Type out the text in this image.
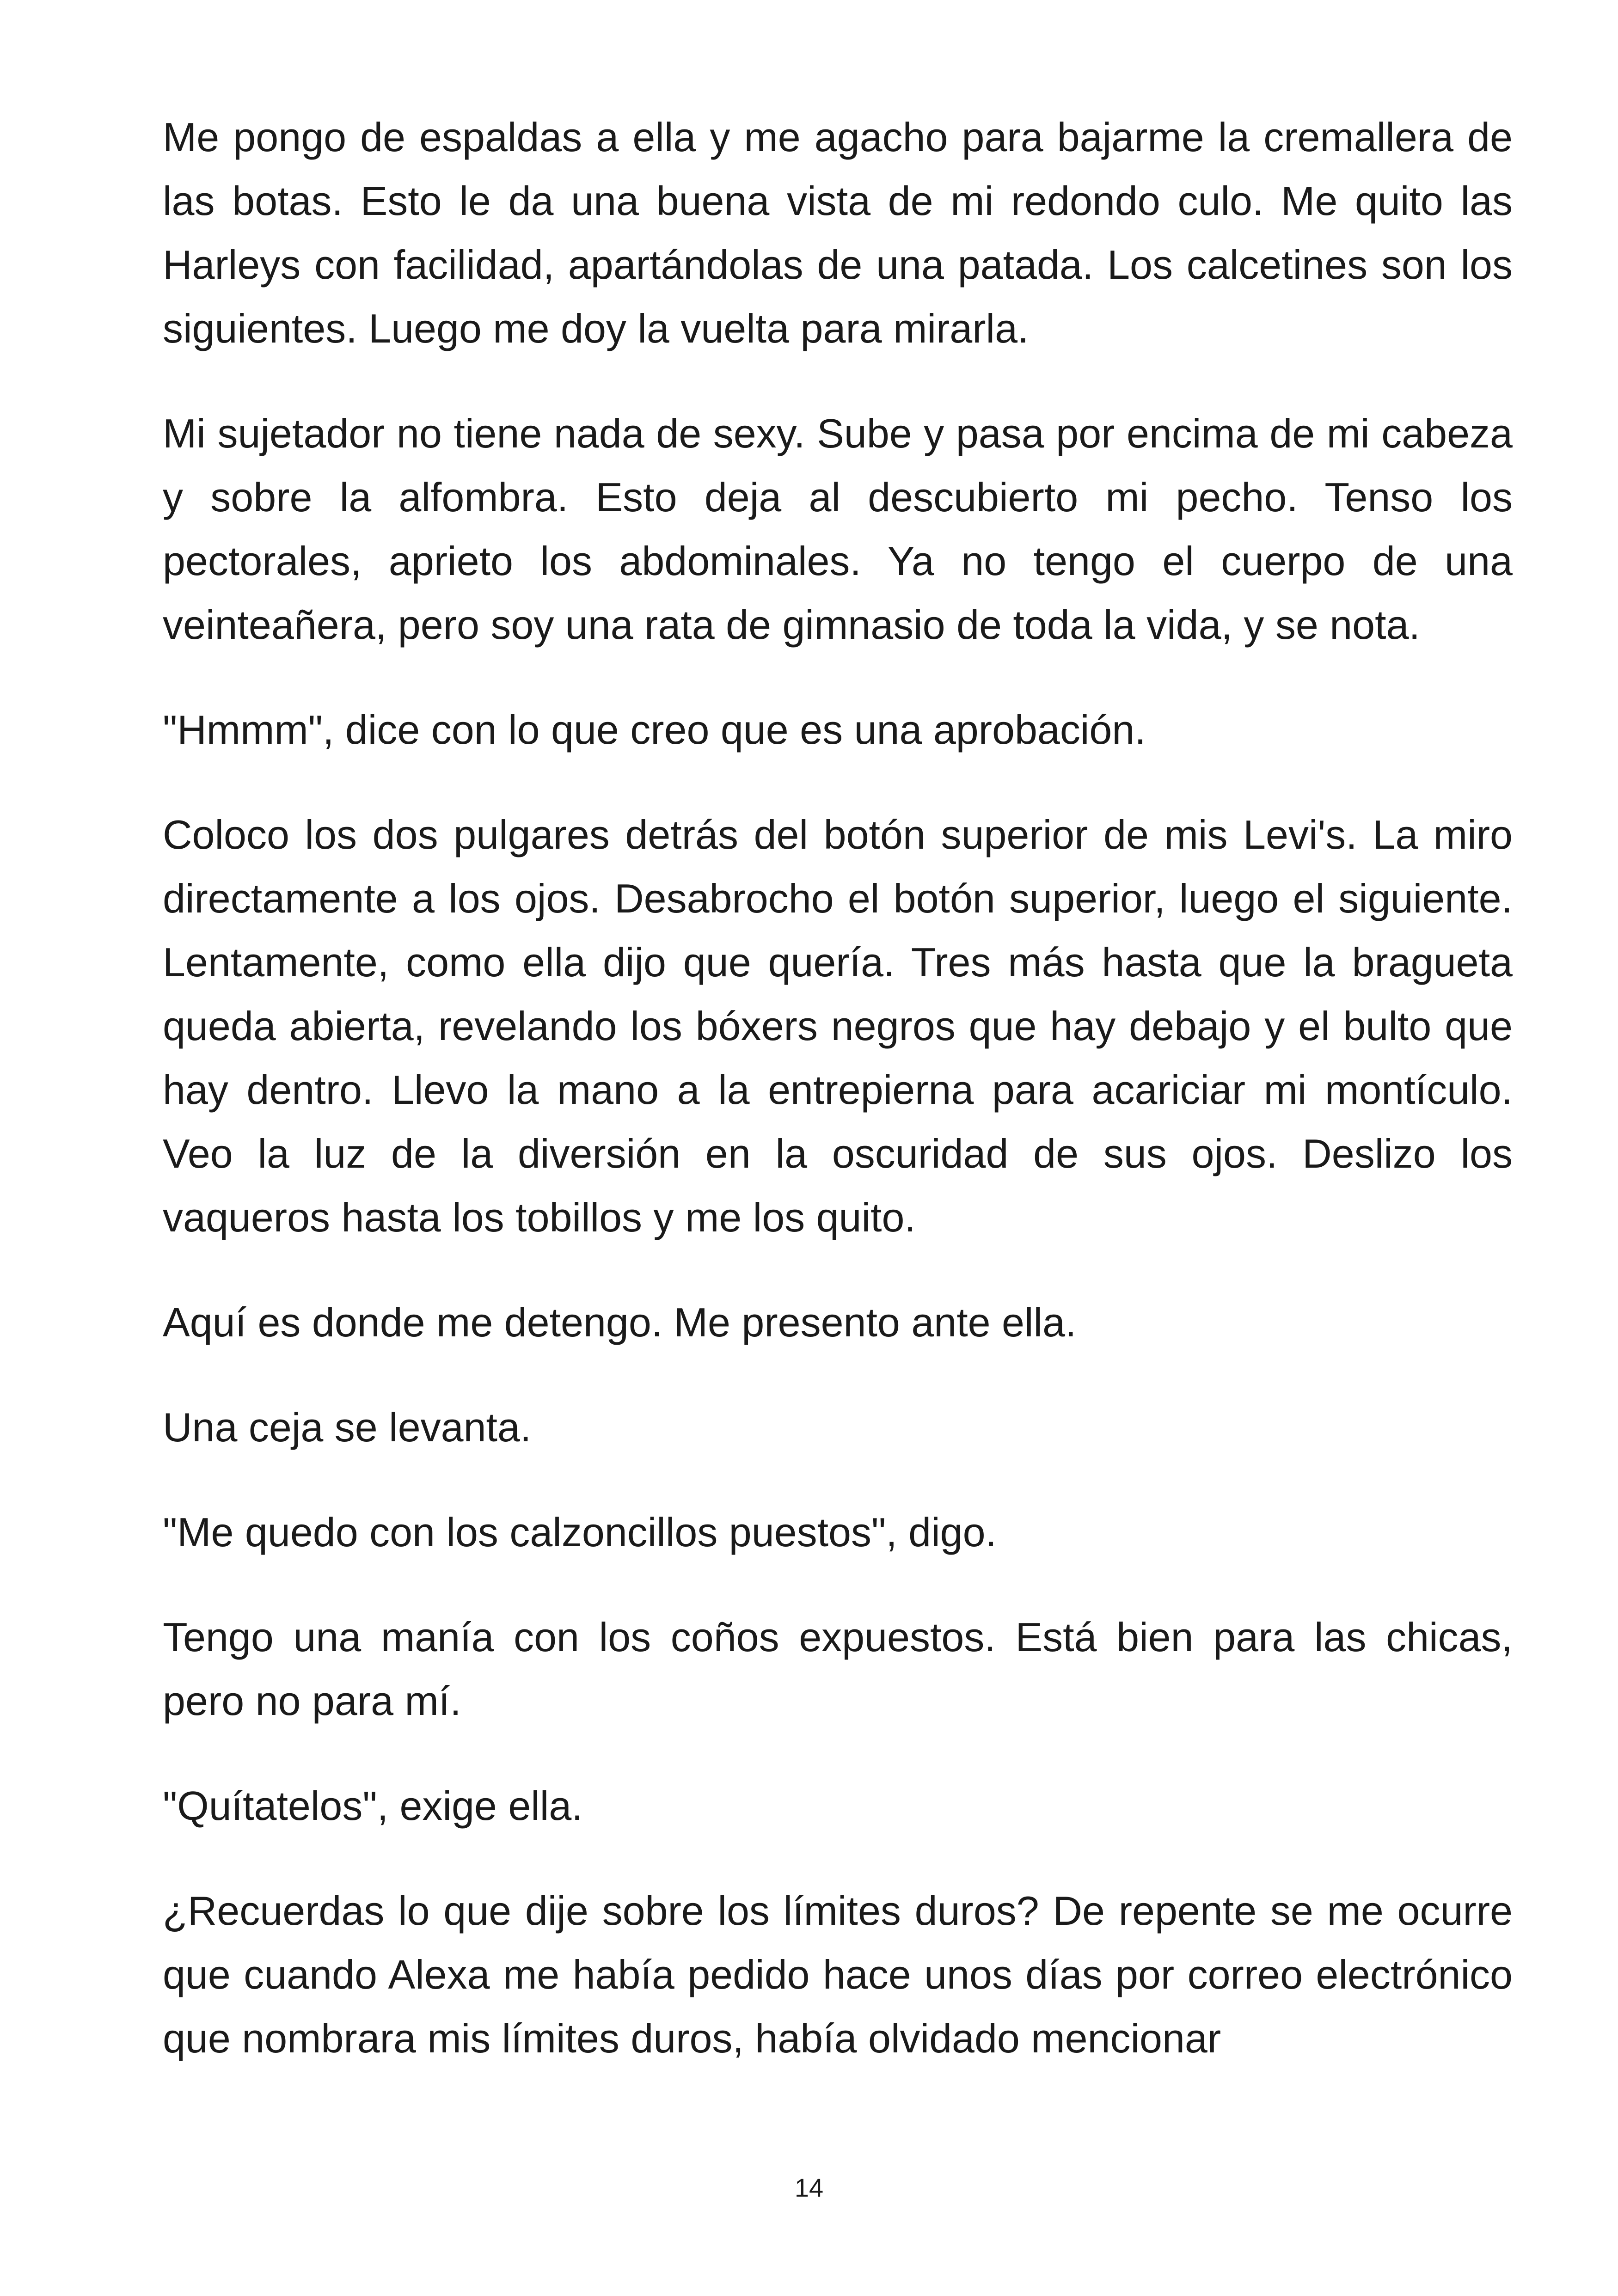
Me pongo de espaldas a ella y me agacho para bajarme la cremallera de las botas. Esto le da una buena vista de mi redondo culo. Me quito las Harleys con facilidad, apartándolas de una patada. Los calcetines son los siguientes. Luego me doy la vuelta para mirarla.

Mi sujetador no tiene nada de sexy. Sube y pasa por encima de mi cabeza y sobre la alfombra. Esto deja al descubierto mi pecho. Tenso los pectorales, aprieto los abdominales. Ya no tengo el cuerpo de una veinteañera, pero soy una rata de gimnasio de toda la vida, y se nota.

"Hmmm", dice con lo que creo que es una aprobación.

Coloco los dos pulgares detrás del botón superior de mis Levi's. La miro directamente a los ojos. Desabrocho el botón superior, luego el siguiente. Lentamente, como ella dijo que quería. Tres más hasta que la bragueta queda abierta, revelando los bóxers negros que hay debajo y el bulto que hay dentro. Llevo la mano a la entrepierna para acariciar mi montículo. Veo la luz de la diversión en la oscuridad de sus ojos. Deslizo los vaqueros hasta los tobillos y me los quito.

Aquí es donde me detengo. Me presento ante ella.

Una ceja se levanta.

"Me quedo con los calzoncillos puestos", digo.

Tengo una manía con los coños expuestos. Está bien para las chicas, pero no para mí.

"Quítatelos", exige ella.

¿Recuerdas lo que dije sobre los límites duros? De repente se me ocurre que cuando Alexa me había pedido hace unos días por correo electrónico que nombrara mis límites duros, había olvidado mencionar

14
